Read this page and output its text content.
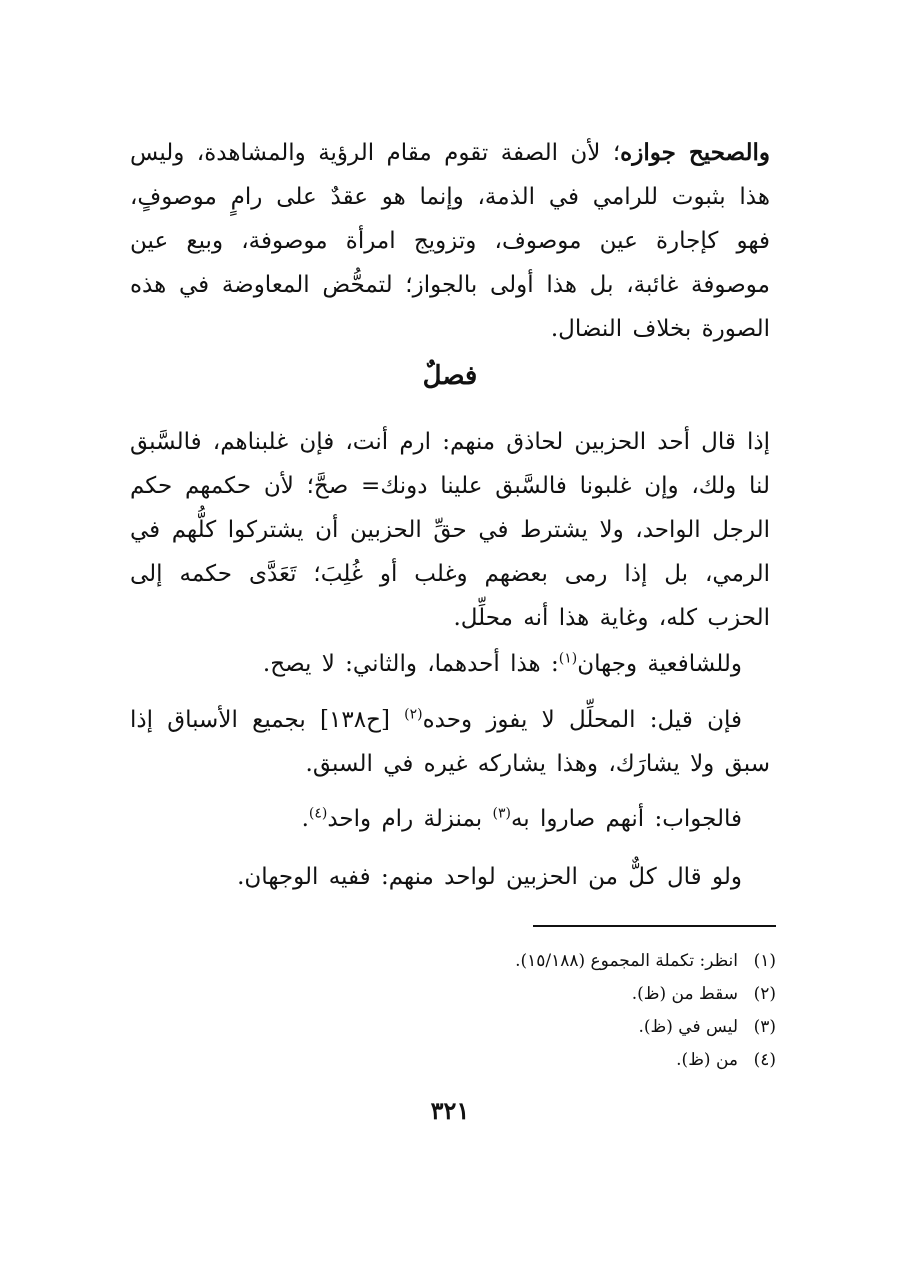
والصحيح جوازه؛ لأن الصفة تقوم مقام الرؤية والمشاهدة، وليس هذا بثبوت للرامي في الذمة، وإنما هو عقدٌ على رامٍ موصوفٍ، فهو كإجارة عين موصوف، وتزويج امرأة موصوفة، وبيع عين موصوفة غائبة، بل هذا أولى بالجواز؛ لتمحُّض المعاوضة في هذه الصورة بخلاف النضال.

فصلٌ

إذا قال أحد الحزبين لحاذق منهم: ارم أنت، فإن غلبناهم، فالسَّبق لنا ولك، وإن غلبونا فالسَّبق علينا دونك= صحَّ؛ لأن حكمهم حكم الرجل الواحد، ولا يشترط في حقِّ الحزبين أن يشتركوا كلُّهم في الرمي، بل إذا رمى بعضهم وغلب أو غُلِبَ؛ تَعَدَّى حكمه إلى الحزب كله، وغاية هذا أنه محلِّل.

وللشافعية وجهان$^{(١)}$: هذا أحدهما، والثاني: لا يصح.

فإن قيل: المحلِّل لا يفوز وحده$^{(٢)}$ [ح١٣٨] بجميع الأسباق إذا سبق ولا يشارَك، وهذا يشاركه غيره في السبق.

فالجواب: أنهم صاروا به$^{(٣)}$ بمنزلة رام واحد$^{(٤)}$.

ولو قال كلٌّ من الحزبين لواحد منهم: ففيه الوجهان.

(١)
انظر: تكملة المجموع (١٥/١٨٨).
(٢)
سقط من (ظ).
(٣)
ليس في (ظ).
(٤)
من (ظ).
٣٢١
